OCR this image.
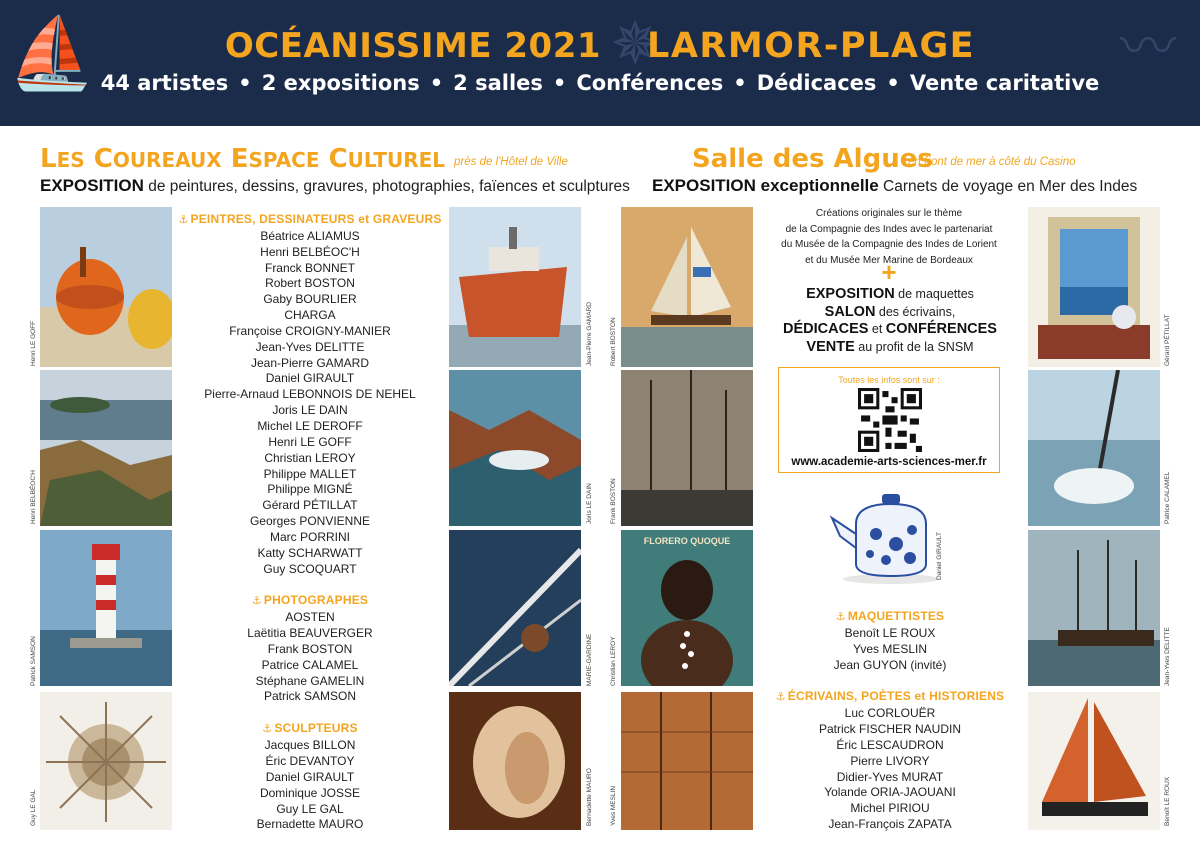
⛵	✵	〰
OCÉANISSIME 2021 LARMOR-PLAGE
44 artistes • 2 expositions • 2 salles • Conférences • Dédicaces • Vente caritative
LES COUREAUX ESPACE CULTUREL près de l'Hôtel de Ville
EXPOSITION de peintures, dessins, gravures, photographies, faïences et sculptures
Henri LE GOFF
Henri BELBÉOC'H
Patrick SAMSON
Guy LE GAL
⚓ PEINTRES, DESSINATEURS et GRAVEURS
Béatrice ALIAMUS
Henri BELBÉOC'H
Franck BONNET
Robert BOSTON
Gaby BOURLIER
CHARGA
Françoise CROIGNY-MANIER
Jean-Yves DELITTE
Jean-Pierre GAMARD
Daniel GIRAULT
Pierre-Arnaud LEBONNOIS DE NEHEL
Joris LE DAIN
Michel LE DEROFF
Henri LE GOFF
Christian LEROY
Philippe MALLET
Philippe MIGNÉ
Gérard PÉTILLAT
Georges PONVIENNE
Marc PORRINI
Katty SCHARWATT
Guy SCOQUART
⚓ PHOTOGRAPHES
AOSTEN
Laëtitia BEAUVERGER
Frank BOSTON
Patrice CALAMEL
Stéphane GAMELIN
Patrick SAMSON
⚓ SCULPTEURS
Jacques BILLON
Éric DEVANTOY
Daniel GIRAULT
Dominique JOSSE
Guy LE GAL
Bernadette MAURO
Jean-Pierre GAMARD
Joris LE DAIN
MARIE-GARDINE
Bernadette MAURO
Salle des Algues
en front de mer à côté du Casino
EXPOSITION exceptionnelle Carnets de voyage en Mer des Indes
FLORERO QUOQUE
Robert BOSTON
Frank BOSTON
Christian LEROY
Yves MESLIN
Créations originales sur le thème
de la Compagnie des Indes avec le partenariat
du Musée de la Compagnie des Indes de Lorient
et du Musée Mer Marine de Bordeaux
+
EXPOSITION de maquettes
SALON des écrivains,
DÉDICACES et CONFÉRENCES
VENTE au profit de la SNSM
Toutes les infos sont sur :
www.academie-arts-sciences-mer.fr
Daniel GIRAULT
⚓ MAQUETTISTES
Benoît LE ROUX
Yves MESLIN
Jean GUYON (invité)
⚓ ÉCRIVAINS, POÈTES et HISTORIENS
Luc CORLOUËR
Patrick FISCHER NAUDIN
Éric LESCAUDRON
Pierre LIVORY
Didier-Yves MURAT
Yolande ORIA-JAOUANI
Michel PIRIOU
Jean-François ZAPATA
Gérard PÉTILLAT
Patrice CALAMEL
Jean-Yves DELITTE
Benoît LE ROUX
